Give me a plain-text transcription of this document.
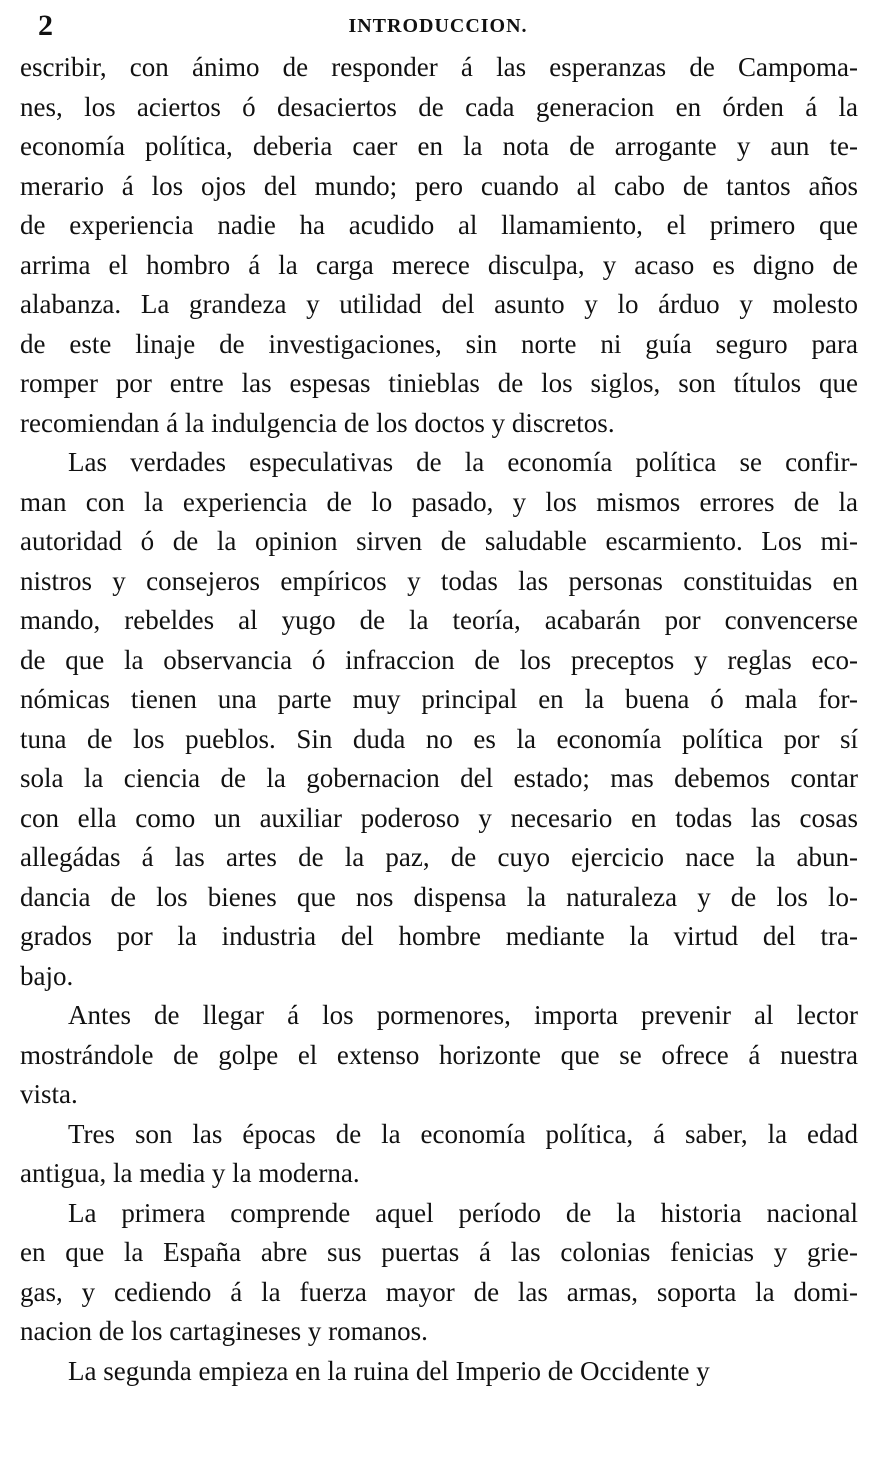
2	INTRODUCCION.
escribir, con ánimo de responder á las esperanzas de Campoma-
nes, los aciertos ó desaciertos de cada generacion en órden á la
economía política, deberia caer en la nota de arrogante y aun te-
merario á los ojos del mundo; pero cuando al cabo de tantos años
de experiencia nadie ha acudido al llamamiento, el primero que
arrima el hombro á la carga merece disculpa, y acaso es digno de
alabanza. La grandeza y utilidad del asunto y lo árduo y molesto
de este linaje de investigaciones, sin norte ni guía seguro para
romper por entre las espesas tinieblas de los siglos, son títulos que
recomiendan á la indulgencia de los doctos y discretos.
Las verdades especulativas de la economía política se confir-
man con la experiencia de lo pasado, y los mismos errores de la
autoridad ó de la opinion sirven de saludable escarmiento. Los mi-
nistros y consejeros empíricos y todas las personas constituidas en
mando, rebeldes al yugo de la teoría, acabarán por convencerse
de que la observancia ó infraccion de los preceptos y reglas eco-
nómicas tienen una parte muy principal en la buena ó mala for-
tuna de los pueblos. Sin duda no es la economía política por sí
sola la ciencia de la gobernacion del estado; mas debemos contar
con ella como un auxiliar poderoso y necesario en todas las cosas
allegádas á las artes de la paz, de cuyo ejercicio nace la abun-
dancia de los bienes que nos dispensa la naturaleza y de los lo-
grados por la industria del hombre mediante la virtud del tra-
bajo.
Antes de llegar á los pormenores, importa prevenir al lector
mostrándole de golpe el extenso horizonte que se ofrece á nuestra
vista.
Tres son las épocas de la economía política, á saber, la edad
antigua, la media y la moderna.
La primera comprende aquel período de la historia nacional
en que la España abre sus puertas á las colonias fenicias y grie-
gas, y cediendo á la fuerza mayor de las armas, soporta la domi-
nacion de los cartagineses y romanos.
La segunda empieza en la ruina del Imperio de Occidente y
